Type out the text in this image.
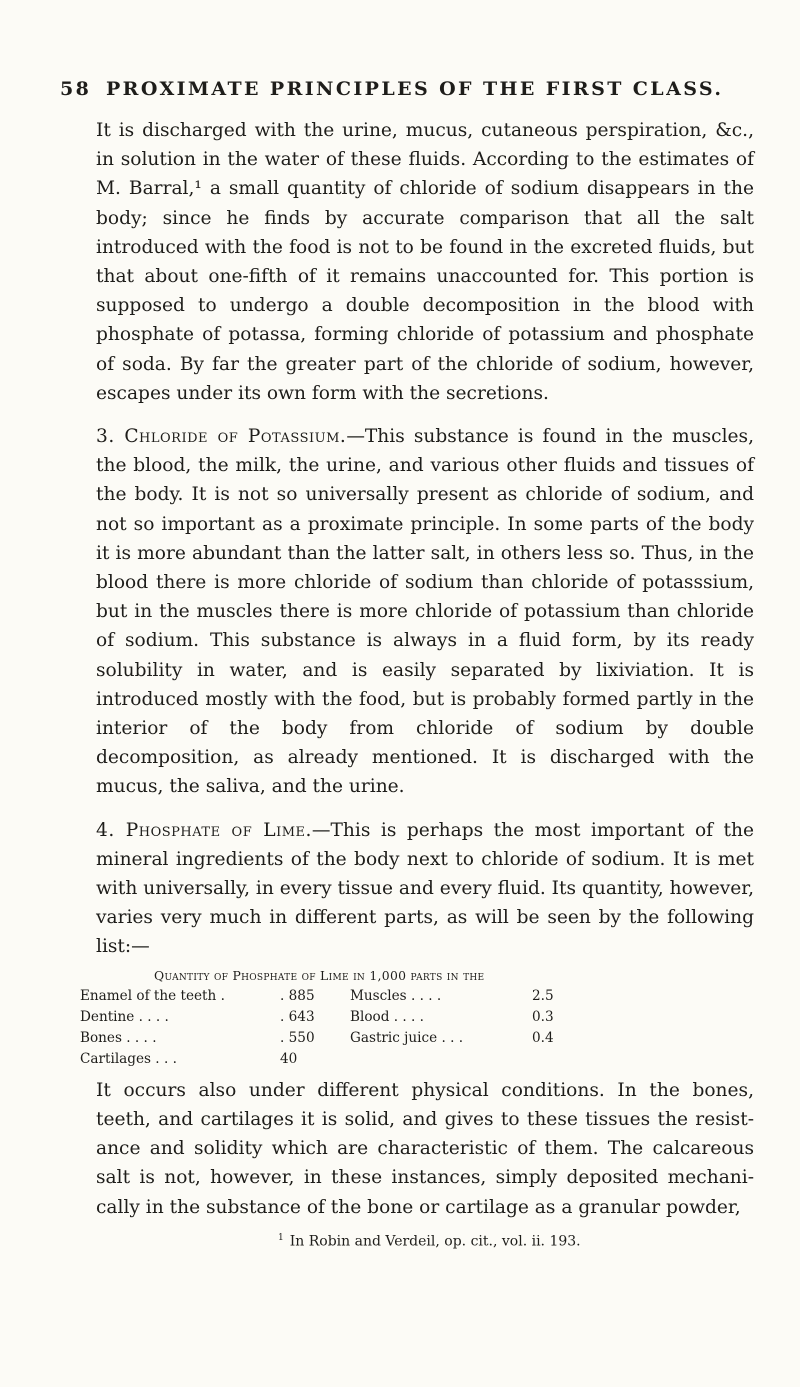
58 PROXIMATE PRINCIPLES OF THE FIRST CLASS.

It is discharged with the urine, mucus, cutaneous perspiration, &c., in solution in the water of these fluids. According to the estimates of M. Barral,¹ a small quantity of chloride of sodium disappears in the body; since he finds by accurate comparison that all the salt introduced with the food is not to be found in the excreted fluids, but that about one-fifth of it remains unaccounted for. This portion is supposed to undergo a double decomposition in the blood with phosphate of potassa, forming chloride of potassium and phosphate of soda. By far the greater part of the chloride of sodium, however, escapes under its own form with the secretions.

3. Chloride of Potassium.—This substance is found in the muscles, the blood, the milk, the urine, and various other fluids and tissues of the body. It is not so universally present as chloride of sodium, and not so important as a proximate principle. In some parts of the body it is more abundant than the latter salt, in others less so. Thus, in the blood there is more chloride of sodium than chloride of potasssium, but in the muscles there is more chloride of potassium than chloride of sodium. This substance is always in a fluid form, by its ready solubility in water, and is easily separated by lixiviation. It is introduced mostly with the food, but is probably formed partly in the interior of the body from chloride of sodium by double decomposition, as already mentioned. It is discharged with the mucus, the saliva, and the urine.

4. Phosphate of Lime.—This is perhaps the most important of the mineral ingredients of the body next to chloride of sodium. It is met with universally, in every tissue and every fluid. Its quantity, however, varies very much in different parts, as will be seen by the following list:—

Quantity of Phosphate of Lime in 1,000 parts in the
Enamel of the teeth .	. 885	Muscles . . . .	2.5
Dentine . . . .	. 643	Blood . . . .	0.3
Bones . . . .	. 550	Gastric juice . . .	0.4
Cartilages . . .	40		

It occurs also under different physical conditions. In the bones, teeth, and cartilages it is solid, and gives to these tissues the resistance and solidity which are characteristic of them. The calcareous salt is not, however, in these instances, simply deposited mechanically in the substance of the bone or cartilage as a granular powder,

$^1$ In Robin and Verdeil, op. cit., vol. ii. 193.
